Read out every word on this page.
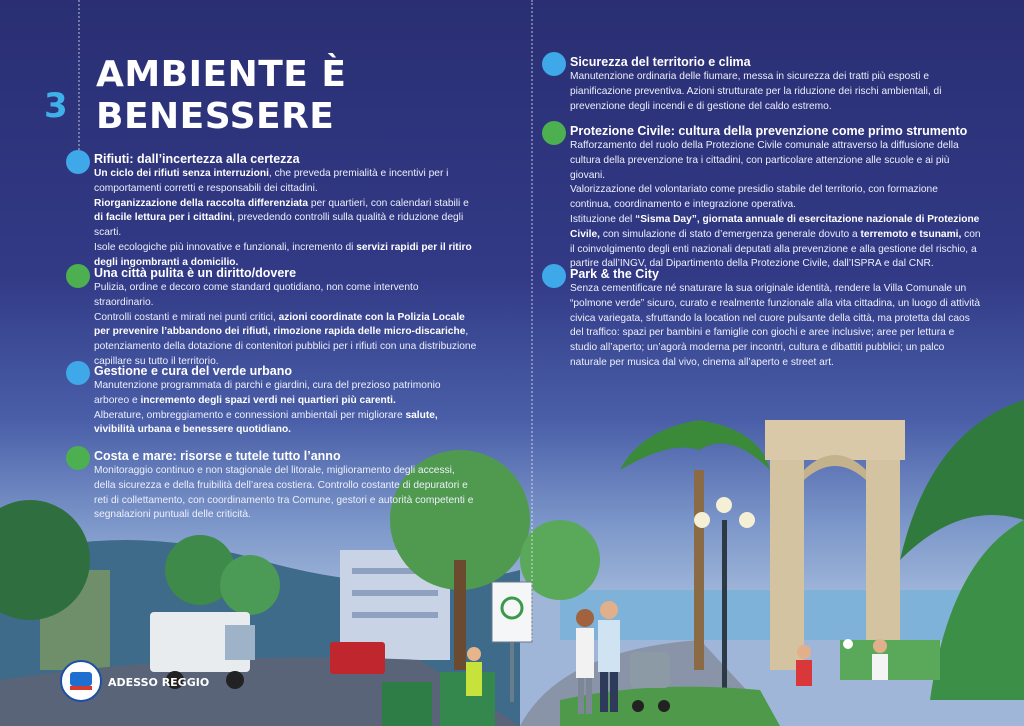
3
AMBIENTE È
BENESSERE
Rifiuti: dall’incertezza alla certezza

Un ciclo dei rifiuti senza interruzioni, che preveda premialità e incentivi per i comportamenti corretti e responsabili dei cittadini.

Riorganizzazione della raccolta differenziata per quartieri, con calendari stabili e di facile lettura per i cittadini, prevedendo controlli sulla qualità e riduzione degli scarti.

Isole ecologiche più innovative e funzionali, incremento di servizi rapidi per il ritiro degli ingombranti a domicilio.

Una città pulita è un diritto/dovere

Pulizia, ordine e decoro come standard quotidiano, non come intervento straordinario.

Controlli costanti e mirati nei punti critici, azioni coordinate con la Polizia Locale per prevenire l’abbandono dei rifiuti, rimozione rapida delle micro-discariche, potenziamento della dotazione di contenitori pubblici per i rifiuti con una distribuzione capillare su tutto il territorio.

Gestione e cura del verde urbano

Manutenzione programmata di parchi e giardini, cura del prezioso patrimonio arboreo e incremento degli spazi verdi nei quartieri più carenti.

Alberature, ombreggiamento e connessioni ambientali per migliorare salute, vivibilità urbana e benessere quotidiano.

Costa e mare: risorse e tutele tutto l’anno

Monitoraggio continuo e non stagionale del litorale, miglioramento degli accessi, della sicurezza e della fruibilità dell’area costiera. Controllo costante di depuratori e reti di collettamento, con coordinamento tra Comune, gestori e autorità competenti e segnalazioni puntuali delle criticità.

Sicurezza del territorio e clima

Manutenzione ordinaria delle fiumare, messa in sicurezza dei tratti più esposti e pianificazione preventiva. Azioni strutturate per la riduzione dei rischi ambientali, di prevenzione degli incendi e di gestione del caldo estremo.

Protezione Civile: cultura della prevenzione come primo strumento

Rafforzamento del ruolo della Protezione Civile comunale attraverso la diffusione della cultura della prevenzione tra i cittadini, con particolare attenzione alle scuole e ai più giovani.

Valorizzazione del volontariato come presidio stabile del territorio, con formazione continua, coordinamento e integrazione operativa.

Istituzione del “Sisma Day”, giornata annuale di esercitazione nazionale di Protezione Civile, con simulazione di stato d’emergenza generale dovuto a terremoto e tsunami, con il coinvolgimento degli enti nazionali deputati alla prevenzione e alla gestione del rischio, a partire dall’INGV, dal Dipartimento della Protezione Civile, dall’ISPRA e dal CNR.

Park & the City

Senza cementificare né snaturare la sua originale identità, rendere la Villa Comunale un “polmone verde” sicuro, curato e realmente funzionale alla vita cittadina, un luogo di attività civica variegata, sfruttando la location nel cuore pulsante della città, ma protetta dal caos del traffico: spazi per bambini e famiglie con giochi e aree inclusive; aree per lettura e studio all’aperto; un’agorà moderna per incontri, cultura e dibattiti pubblici; un palco naturale per musica dal vivo, cinema all’aperto e street art.

ADESSO REGGIO
